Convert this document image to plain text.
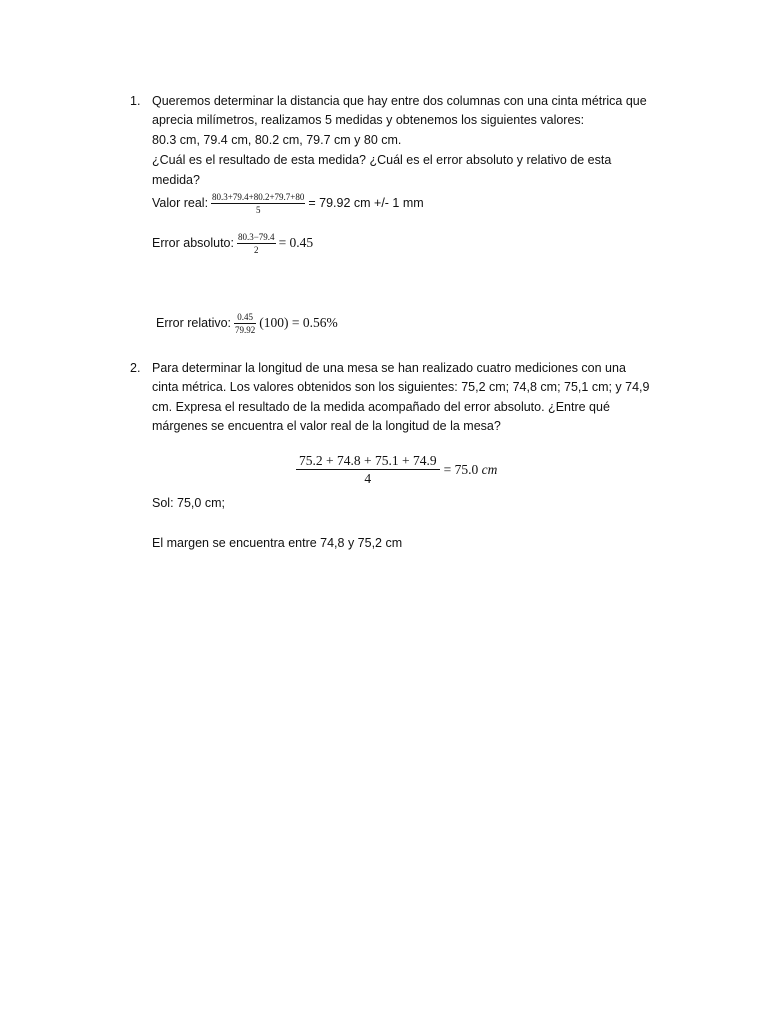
1. Queremos determinar la distancia que hay entre dos columnas con una cinta métrica que
aprecia milímetros, realizamos 5 medidas y obtenemos los siguientes valores:
80.3 cm, 79.4 cm, 80.2 cm, 79.7 cm y 80 cm.
¿Cuál es el resultado de esta medida? ¿Cuál es el error absoluto y relativo de esta
medida?
Valor real: $\frac{80.3+79.4+80.2+79.7+80}{5} = 79.92$ cm +/- 1 mm
Error absoluto: $\frac{80.3-79.4}{2} = 0.45$
Error relativo: $\frac{0.45}{79.92} (100) = 0.56\%$
2. Para determinar la longitud de una mesa se han realizado cuatro mediciones con una
cinta métrica. Los valores obtenidos son los siguientes: 75,2 cm; 74,8 cm; 75,1 cm; y 74,9
cm. Expresa el resultado de la medida acompañado del error absoluto. ¿Entre qué
márgenes se encuentra el valor real de la longitud de la mesa?
$\frac{75.2 + 74.8 + 75.1 + 74.9}{4} = 75.0$ cm
Sol: 75,0 cm;
El margen se encuentra entre 74,8 y 75,2 cm
